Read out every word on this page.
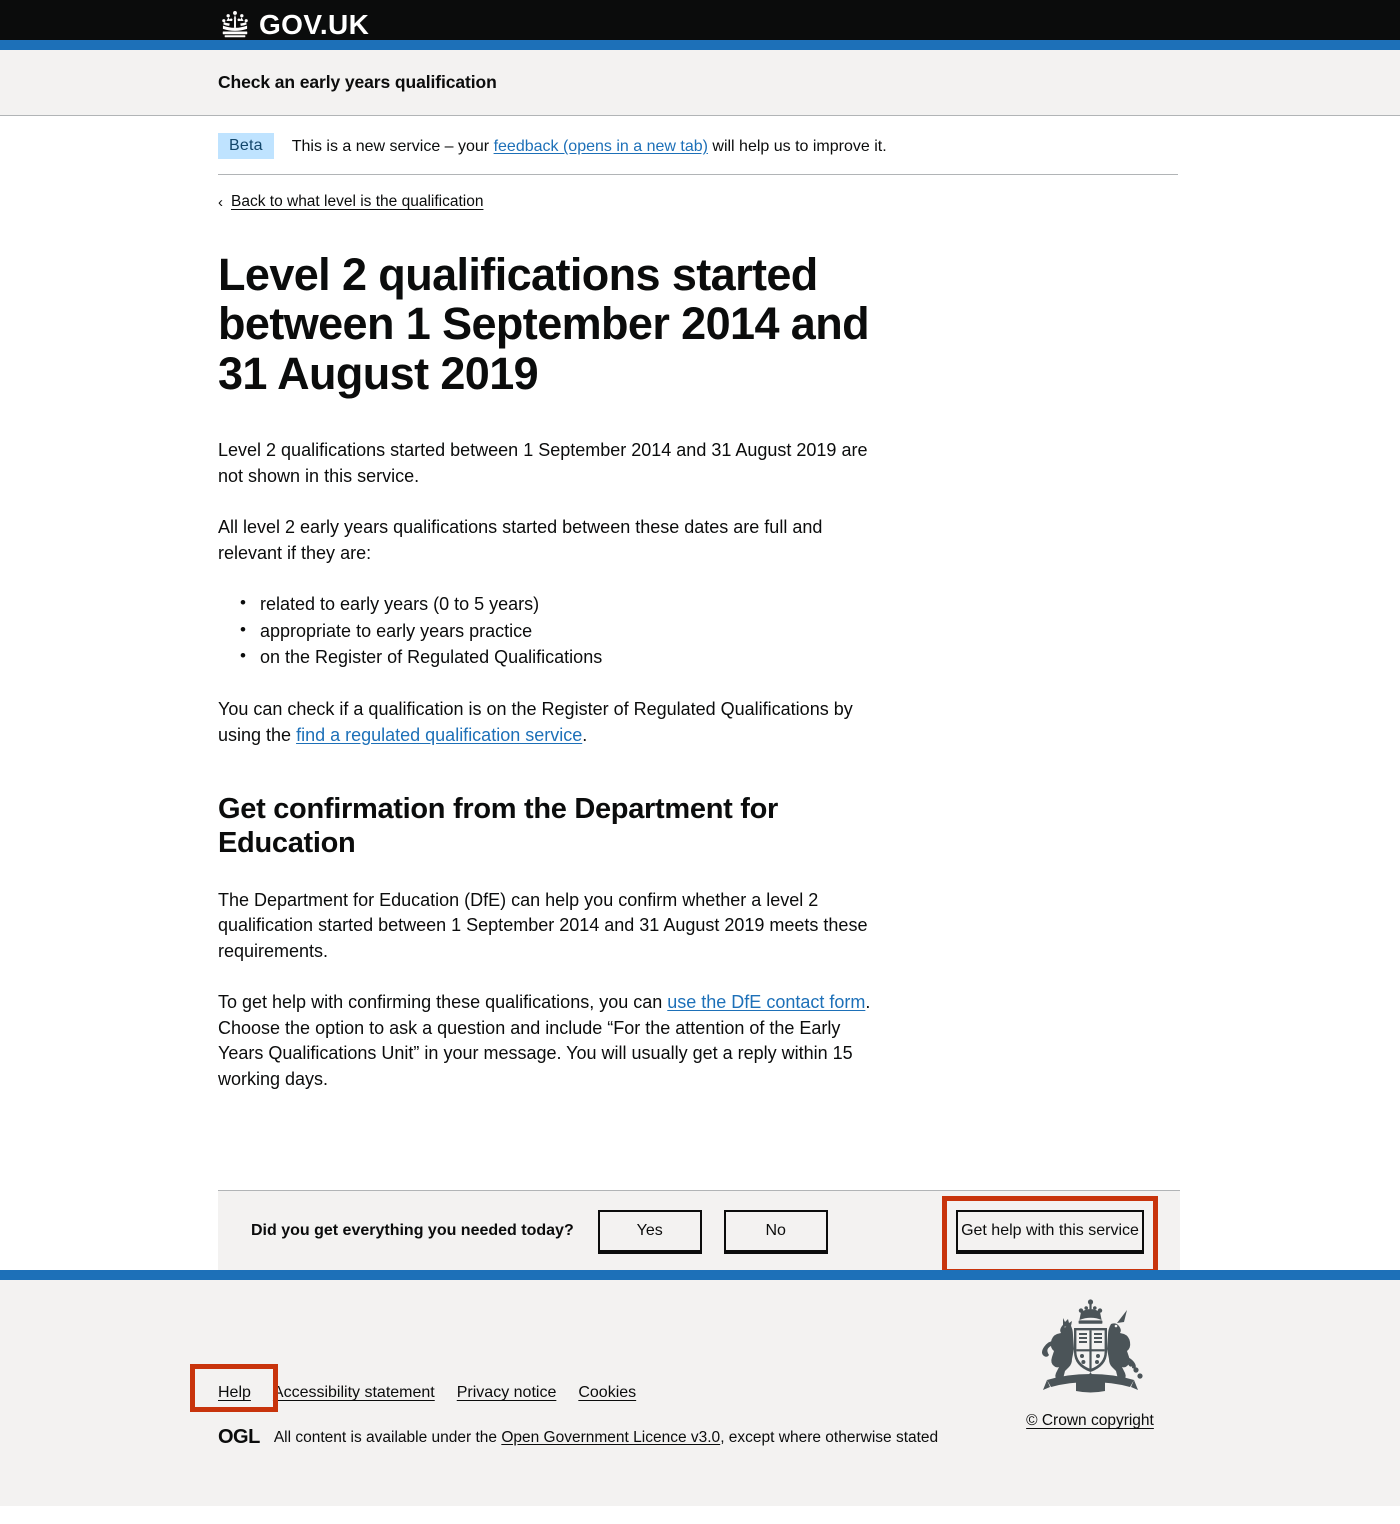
GOV.UK
Check an early years qualification
Beta	This is a new service – your feedback (opens in a new tab) will help us to improve it.
‹ Back to what level is the qualification
Level 2 qualifications started between 1 September 2014 and 31 August 2019

Level 2 qualifications started between 1 September 2014 and 31 August 2019 are not shown in this service.

All level 2 early years qualifications started between these dates are full and relevant if they are:

• related to early years (0 to 5 years)
• appropriate to early years practice
• on the Register of Regulated Qualifications

You can check if a qualification is on the Register of Regulated Qualifications by using the find a regulated qualification service.

Get confirmation from the Department for Education

The Department for Education (DfE) can help you confirm whether a level 2 qualification started between 1 September 2014 and 31 August 2019 meets these requirements.

To get help with confirming these qualifications, you can use the DfE contact form. Choose the option to ask a question and include “For the attention of the Early Years Qualifications Unit” in your message. You will usually get a reply within 15 working days.

Did you get everything you needed today?	Yes	No	Get help with this service
© Crown copyright
Help	Accessibility statement Privacy notice Cookies
OGL All content is available under the Open Government Licence v3.0, except where otherwise stated
